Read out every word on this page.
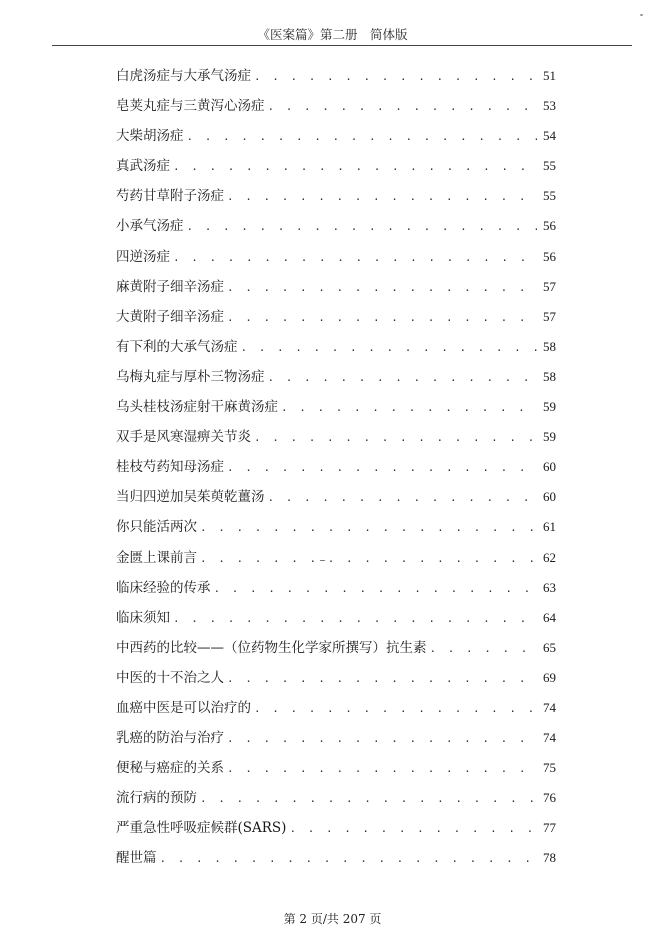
《医案篇》第二册　简体版
白虎汤症与大承气汤症 . . .	51
皂荚丸症与三黄泻心汤症 . . .	53
大柴胡汤症 . . .	54
真武汤症 . . .	55
芍药甘草附子汤症 . . .	55
小承气汤症 . . .	56
四逆汤症 . . .	56
麻黄附子细辛汤症 . . .	57
大黄附子细辛汤症 . . .	57
有下利的大承气汤症 . . .	58
乌梅丸症与厚朴三物汤症 . . .	58
乌头桂枝汤症射干麻黄汤症 . . .	59
双手是风寒湿痹关节炎 . . .	59
桂枝芍药知母汤症 . . .	60
当归四逆加吴茱萸乾薑汤 . . .	60
你只能活两次 . . .	61
金匮上课前言 . . .	62
临床经验的传承 . . .	63
临床须知 . . .	64
中西药的比较——（位药物生化学家所撰写）抗生素 . . .	65
中医的十不治之人 . . .	69
血癌中医是可以治疗的 . . .	74
乳癌的防治与治疗 . . .	74
便秘与癌症的关系 . . .	75
流行病的预防 . . .	76
严重急性呼吸症候群(SARS) . . .	77
醒世篇 . . .	78
第 2 页/共 207 页
